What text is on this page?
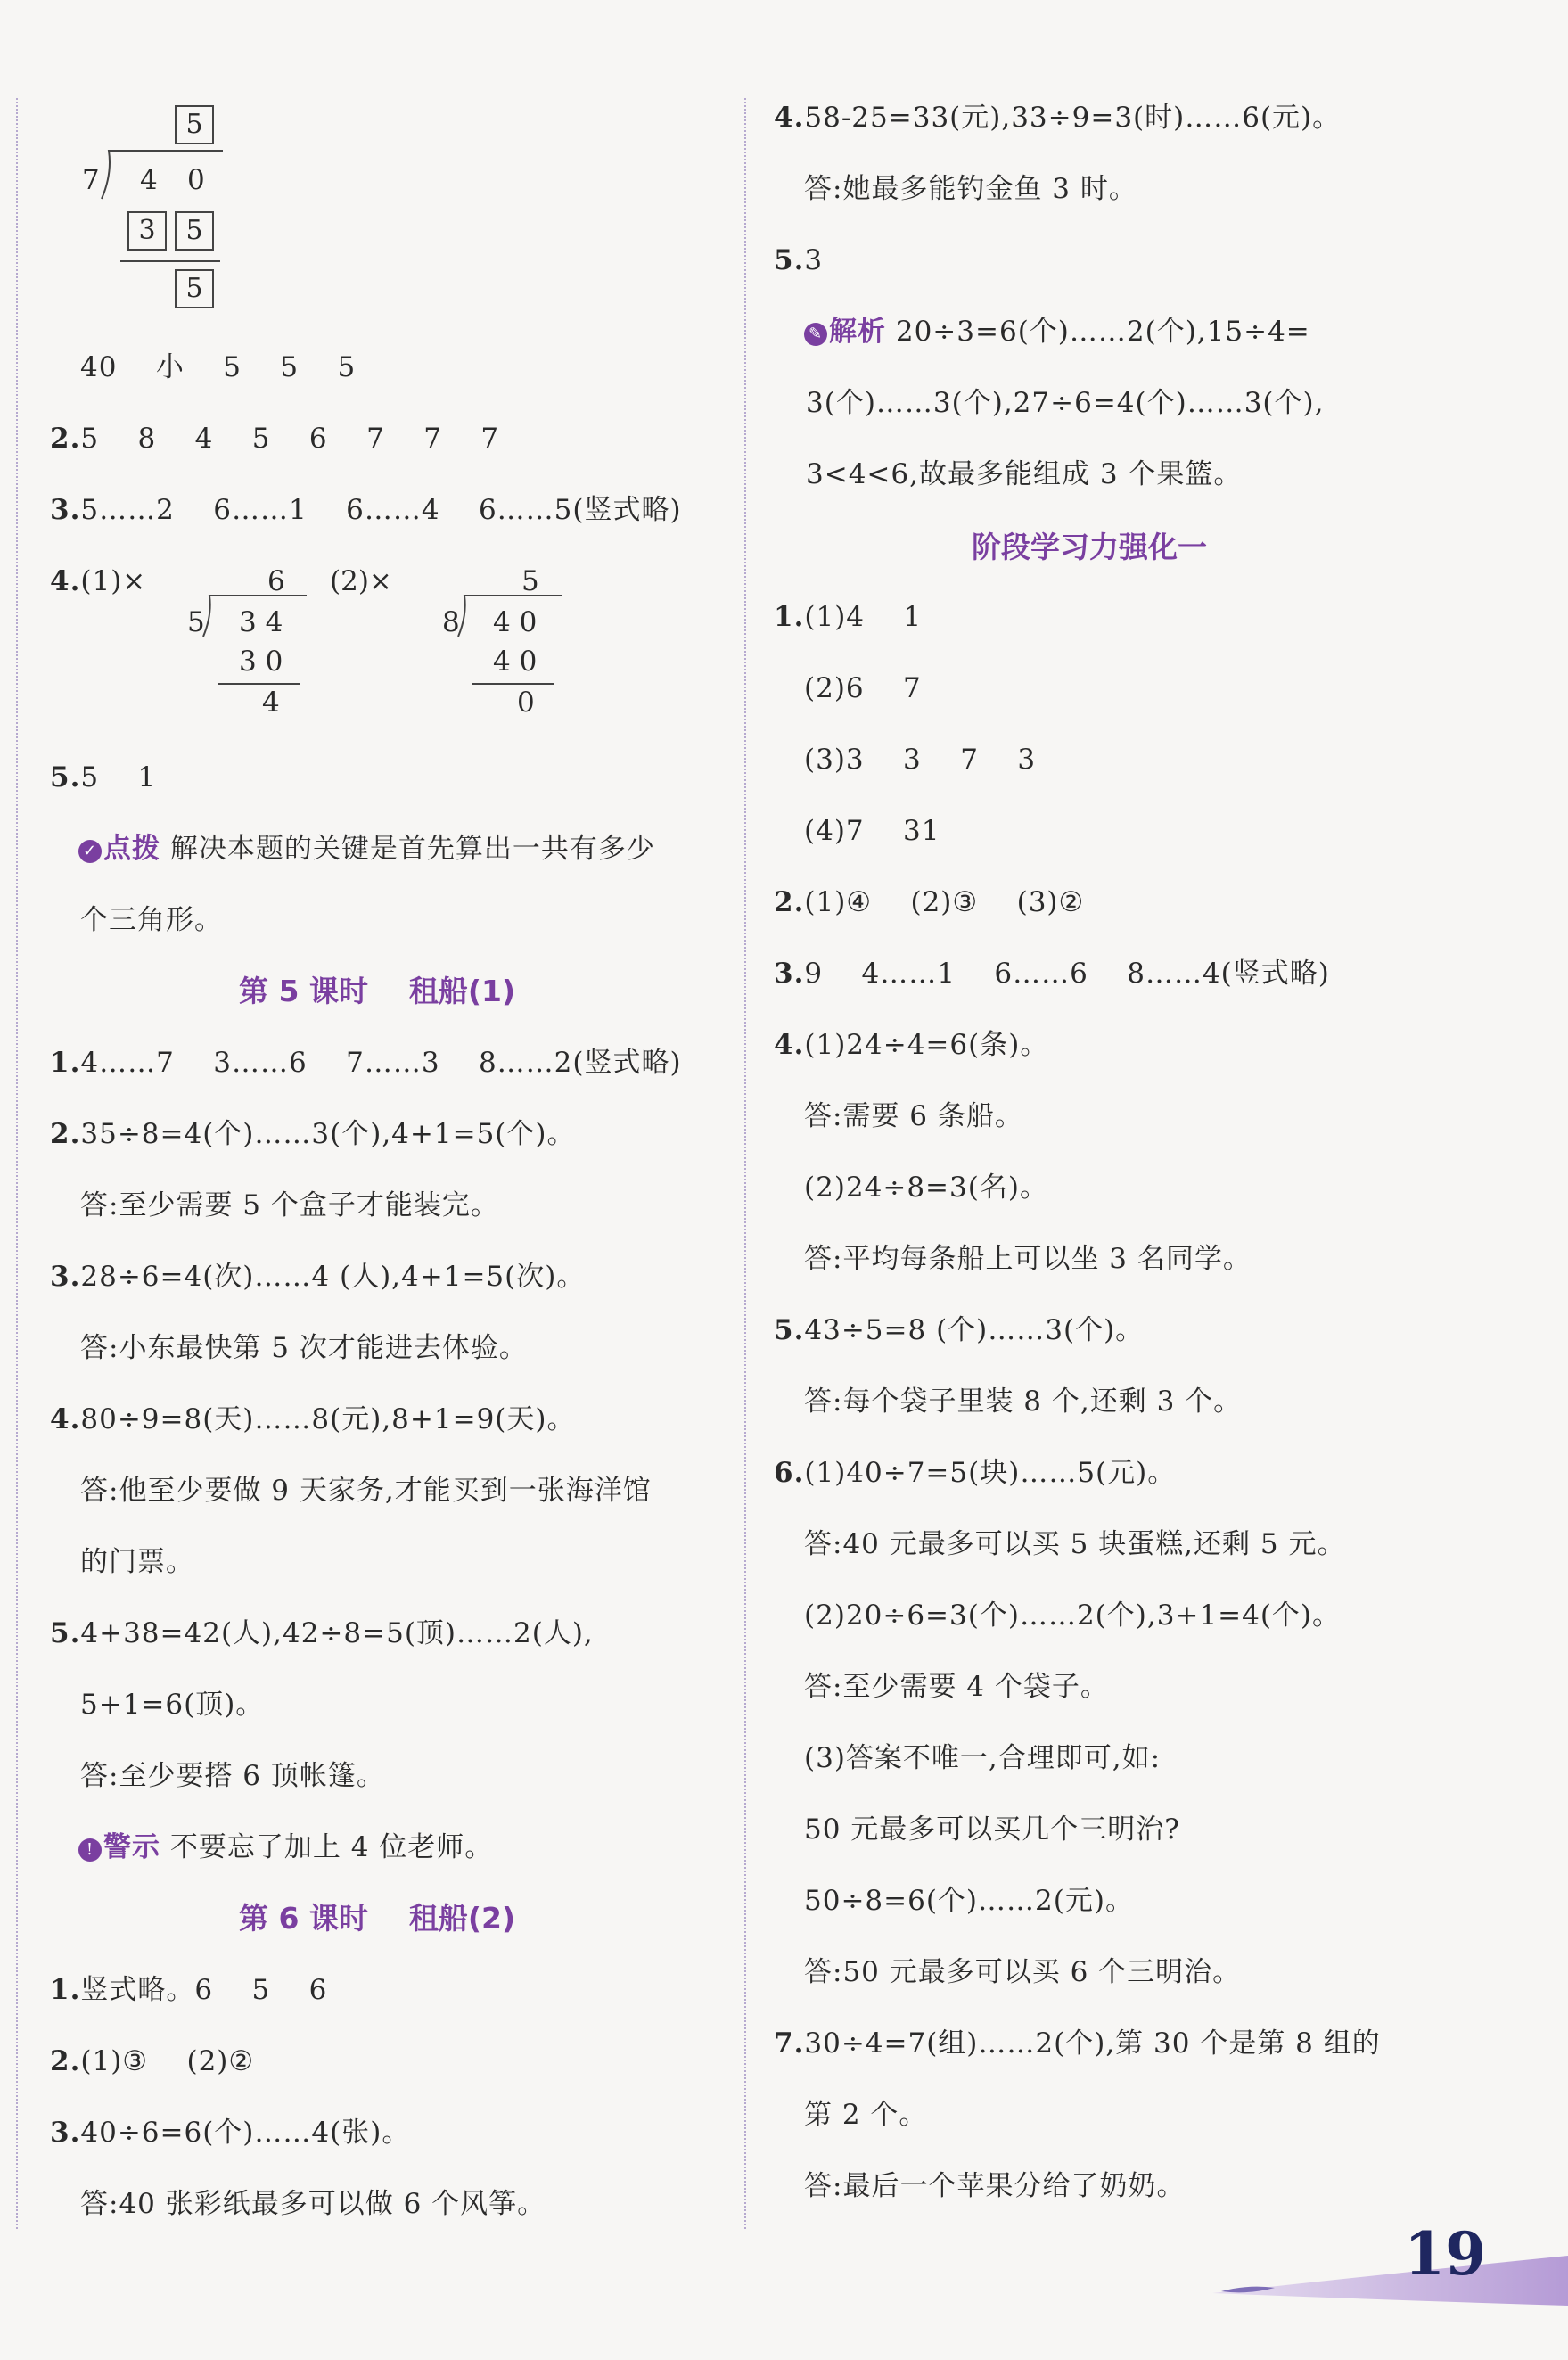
5
7 4 0
3	5
5
40    小    5    5    5
2.5    8    4    5    6    7    7    7
3.5……2    6……1    6……4    6……5(竖式略)
4.(1)×	(2)×
6
5 3 4
3 0
4
5
8 4 0
4 0
0
5.5    1
✓ 点拨 解决本题的关键是首先算出一共有多少
个三角形。
第 5 课时    租船(1)
1.4……7    3……6    7……3    8……2(竖式略)
2.35÷8=4(个)……3(个),4+1=5(个)。
答:至少需要 5 个盒子才能装完。
3.28÷6=4(次)……4 (人),4+1=5(次)。
答:小东最快第 5 次才能进去体验。
4.80÷9=8(天)……8(元),8+1=9(天)。
答:他至少要做 9 天家务,才能买到一张海洋馆
的门票。
5.4+38=42(人),42÷8=5(顶)……2(人),
5+1=6(顶)。
答:至少要搭 6 顶帐篷。
! 警示 不要忘了加上 4 位老师。
第 6 课时    租船(2)
1.竖式略。6    5    6
2.(1)③    (2)②
3.40÷6=6(个)……4(张)。
答:40 张彩纸最多可以做 6 个风筝。
4.58-25=33(元),33÷9=3(时)……6(元)。
答:她最多能钓金鱼 3 时。
5.3
✎ 解析 20÷3=6(个)……2(个),15÷4=
3(个)……3(个),27÷6=4(个)……3(个),
3<4<6,故最多能组成 3 个果篮。
阶段学习力强化一
1.(1)4    1
(2)6    7
(3)3    3    7    3
(4)7    31
2.(1)④    (2)③    (3)②
3.9    4……1    6……6    8……4(竖式略)
4.(1)24÷4=6(条)。
答:需要 6 条船。
(2)24÷8=3(名)。
答:平均每条船上可以坐 3 名同学。
5.43÷5=8 (个)……3(个)。
答:每个袋子里装 8 个,还剩 3 个。
6.(1)40÷7=5(块)……5(元)。
答:40 元最多可以买 5 块蛋糕,还剩 5 元。
(2)20÷6=3(个)……2(个),3+1=4(个)。
答:至少需要 4 个袋子。
(3)答案不唯一,合理即可,如:
50 元最多可以买几个三明治?
50÷8=6(个)……2(元)。
答:50 元最多可以买 6 个三明治。
7.30÷4=7(组)……2(个),第 30 个是第 8 组的
第 2 个。
答:最后一个苹果分给了奶奶。
19
